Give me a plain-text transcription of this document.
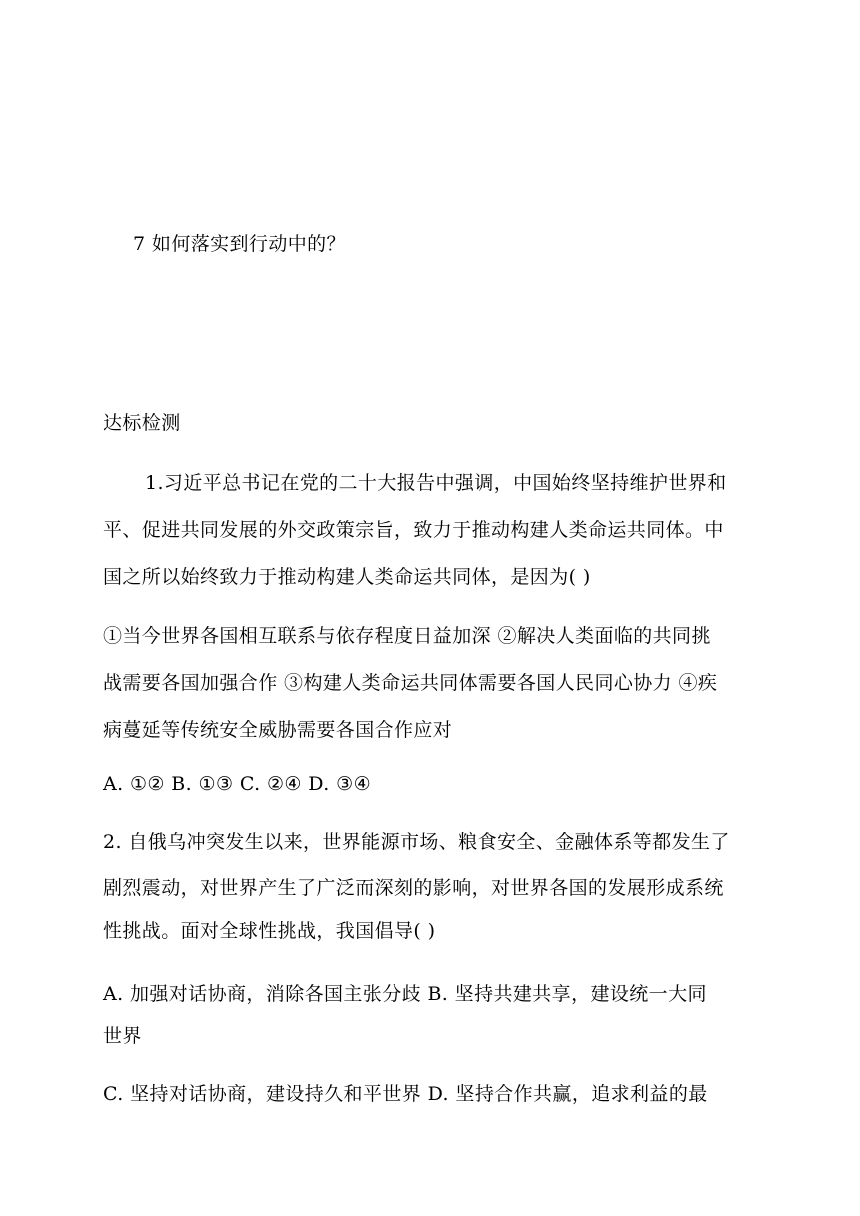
7 如何落实到行动中的？
达标检测
1.习近平总书记在党的二十大报告中强调，中国始终坚持维护世界和
平、促进共同发展的外交政策宗旨，致力于推动构建人类命运共同体。中
国之所以始终致力于推动构建人类命运共同体，是因为( )
①当今世界各国相互联系与依存程度日益加深 ②解决人类面临的共同挑
战需要各国加强合作 ③构建人类命运共同体需要各国人民同心协力 ④疾
病蔓延等传统安全威胁需要各国合作应对
A. ①② B. ①③ C. ②④ D. ③④
2. 自俄乌冲突发生以来，世界能源市场、粮食安全、金融体系等都发生了
剧烈震动，对世界产生了广泛而深刻的影响，对世界各国的发展形成系统
性挑战。面对全球性挑战，我国倡导( )
A. 加强对话协商，消除各国主张分歧 B. 坚持共建共享，建设统一大同
世界
C. 坚持对话协商，建设持久和平世界 D. 坚持合作共赢，追求利益的最
